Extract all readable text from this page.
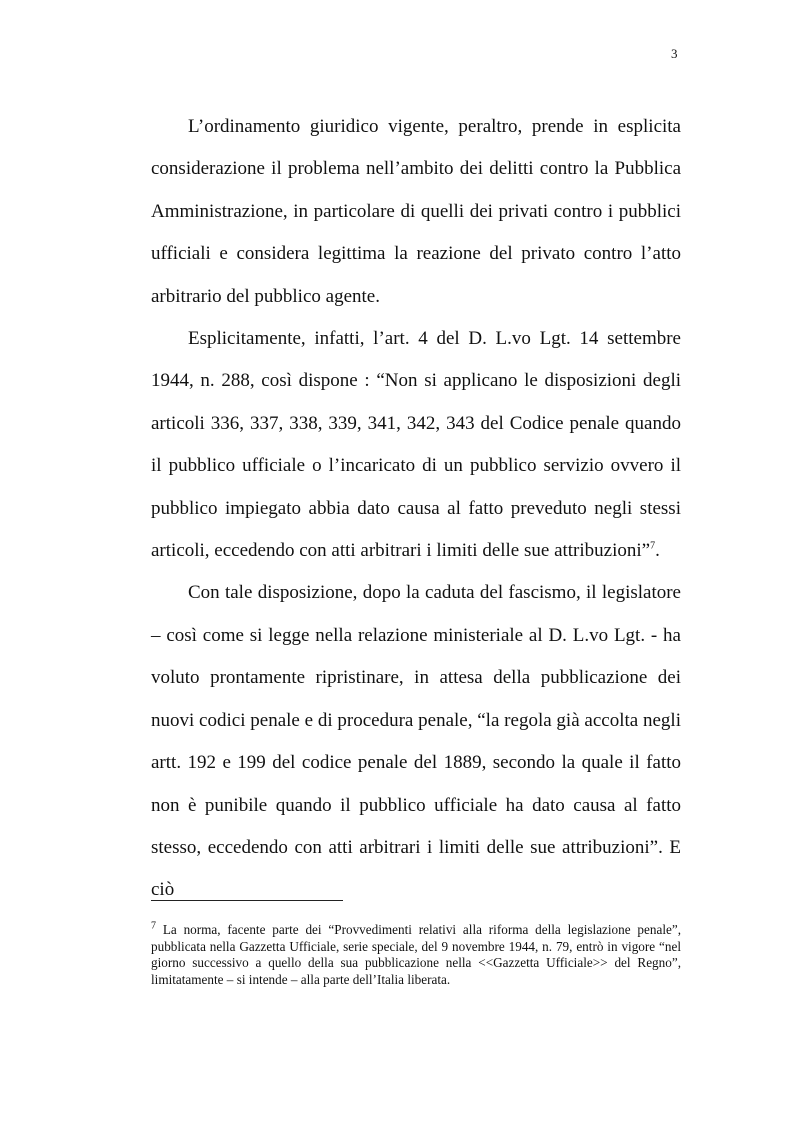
3

L’ordinamento giuridico vigente, peraltro, prende in esplicita considerazione il problema nell’ambito dei delitti contro la Pubblica Amministrazione, in particolare di quelli dei privati contro i pubblici ufficiali e considera legittima la reazione del privato contro l’atto arbitrario del pubblico agente.

Esplicitamente, infatti, l’art. 4 del D. L.vo Lgt. 14 settembre 1944, n. 288, così dispone : “Non si applicano le disposizioni degli articoli 336, 337, 338, 339, 341, 342, 343 del Codice penale quando il pubblico ufficiale o l’incaricato di un pubblico servizio ovvero il pubblico impiegato abbia dato causa al fatto preveduto negli stessi articoli, eccedendo con atti arbitrari i limiti delle sue attribuzioni”$^7$.

Con tale disposizione, dopo la caduta del fascismo, il legislatore – così come si legge nella relazione ministeriale al D. L.vo Lgt. - ha voluto prontamente ripristinare, in attesa della pubblicazione dei nuovi codici penale e di procedura penale, “la regola già accolta negli artt. 192 e 199 del codice penale del 1889, secondo la quale il fatto non è punibile quando il pubblico ufficiale ha dato causa al fatto stesso, eccedendo con atti arbitrari i limiti delle sue attribuzioni”. E ciò

$^7$ La norma, facente parte dei “Provvedimenti relativi alla riforma della legislazione penale”, pubblicata nella Gazzetta Ufficiale, serie speciale, del 9 novembre 1944, n. 79, entrò in vigore “nel giorno successivo a quello della sua pubblicazione nella <<Gazzetta Ufficiale>> del Regno”, limitatamente – si intende – alla parte dell’Italia liberata.
